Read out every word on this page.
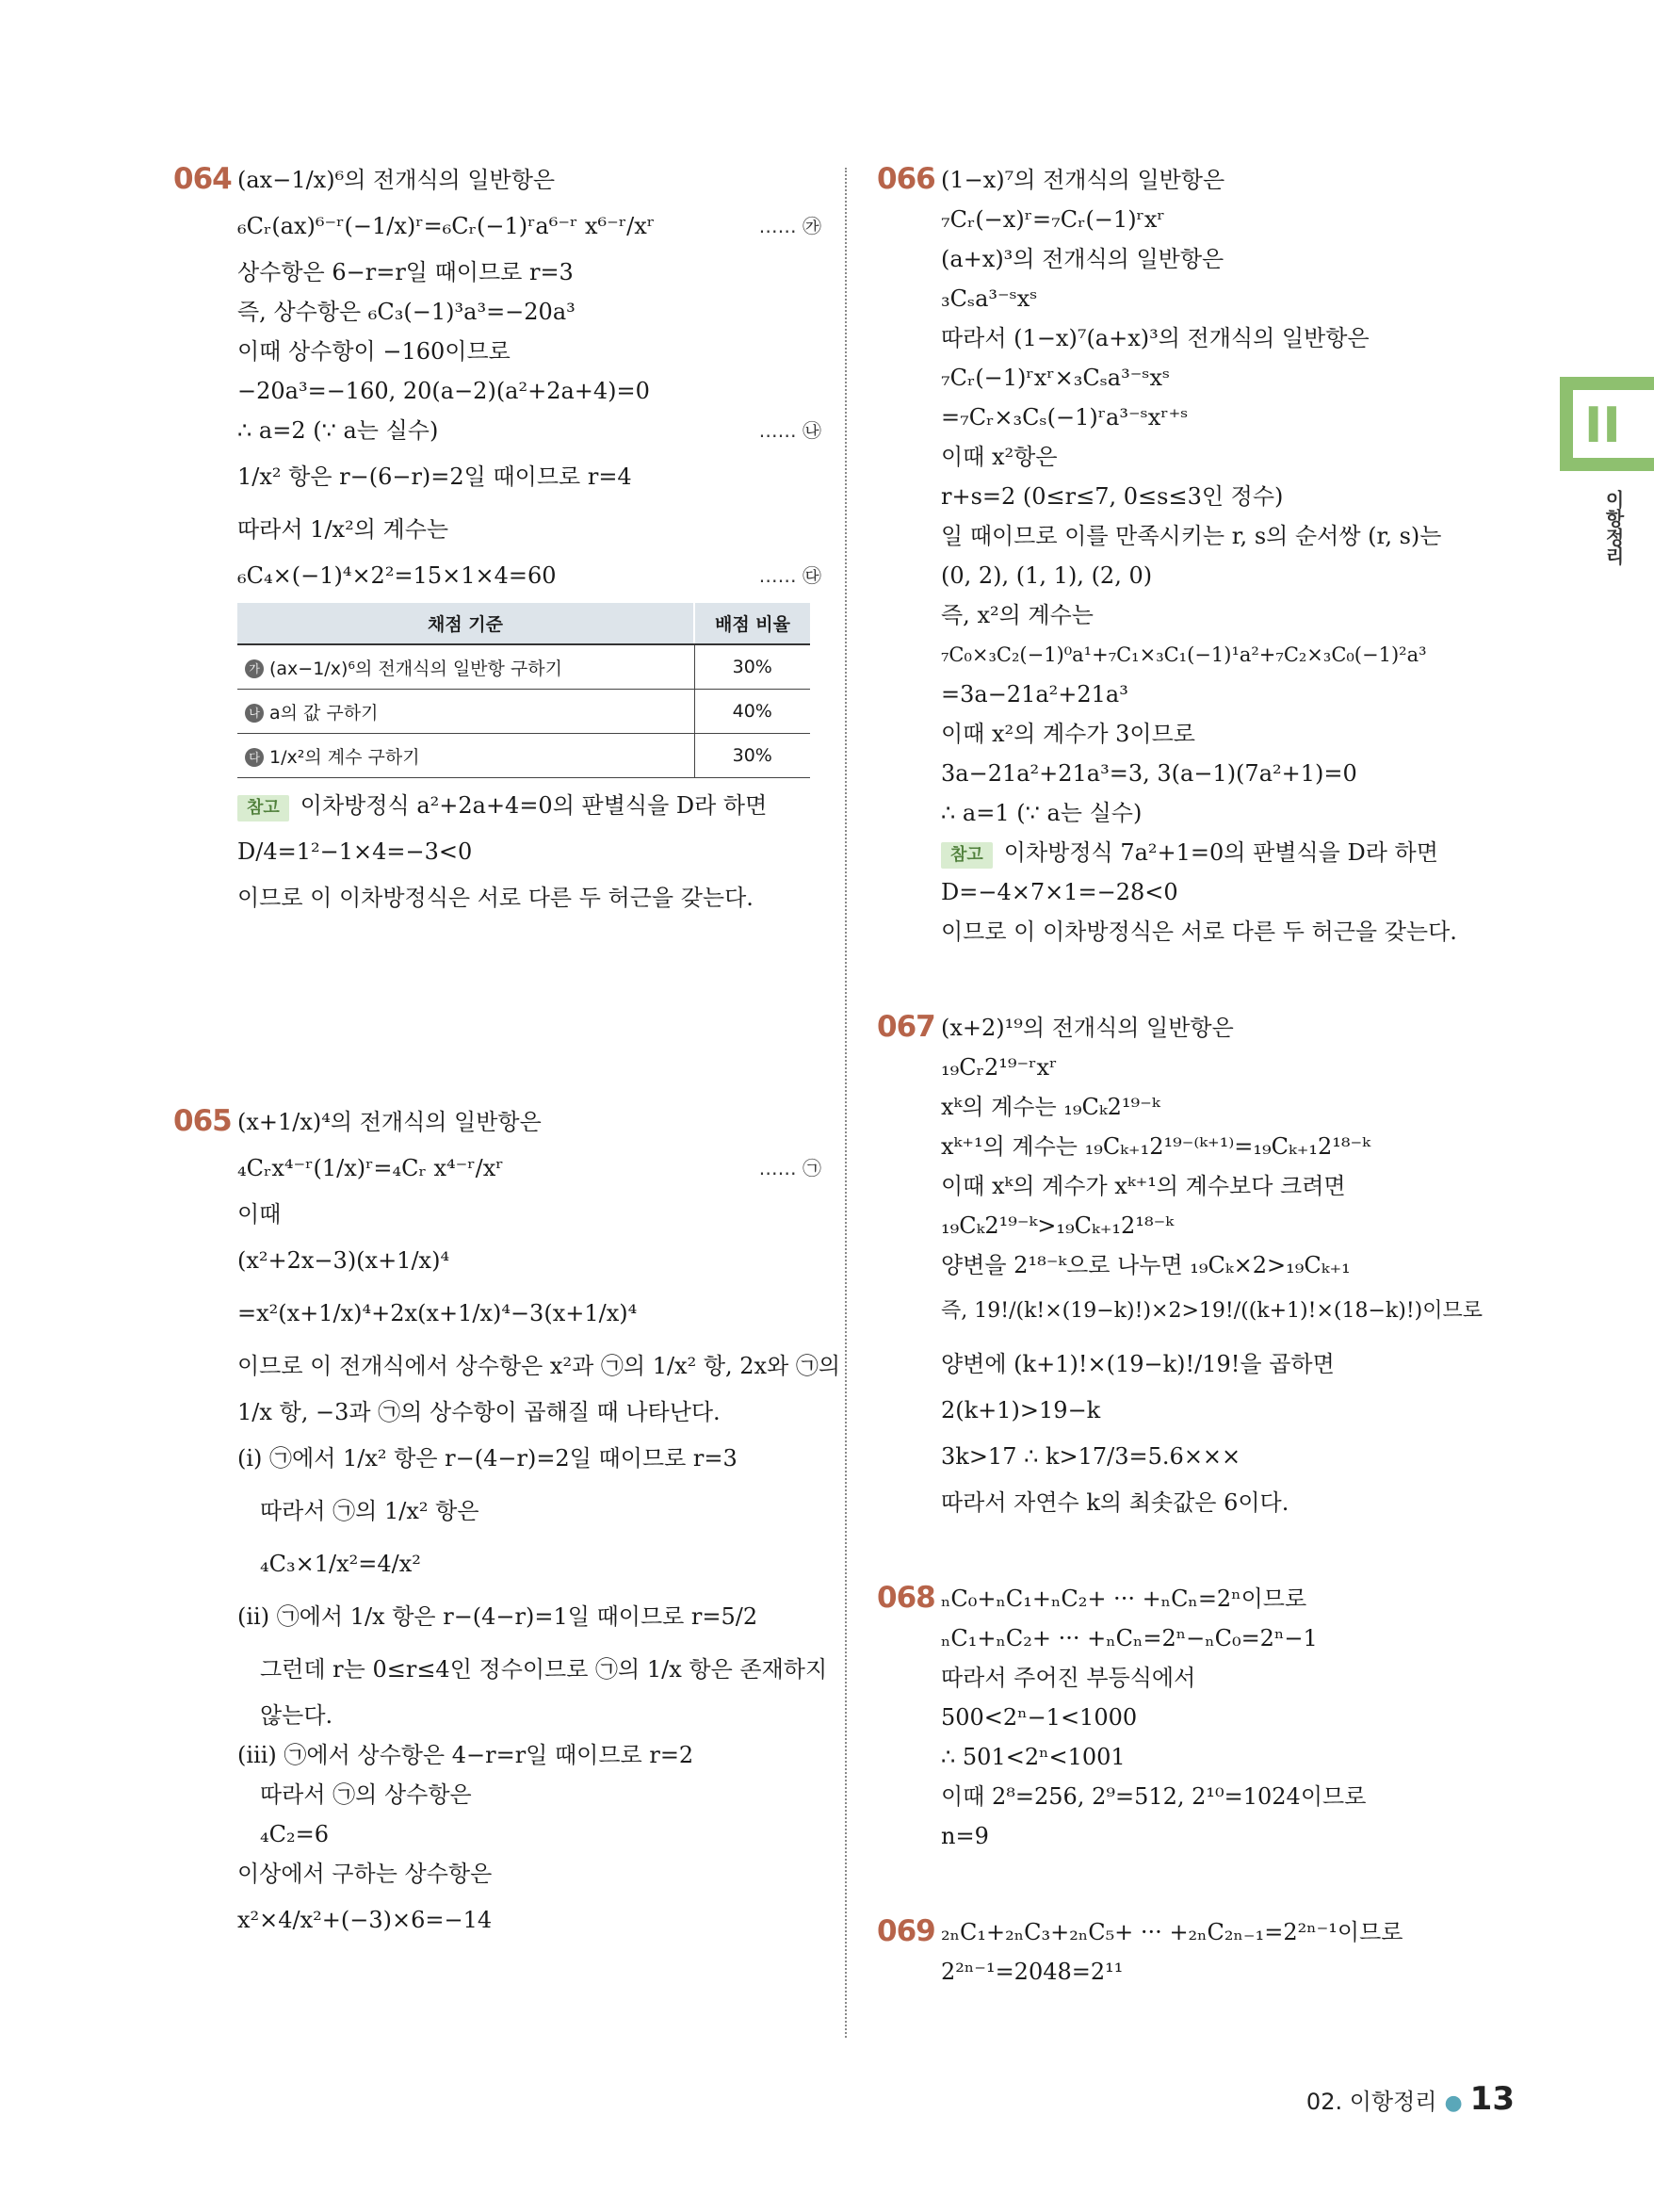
064 (ax−1/x)⁶의 전개식의 일반항은
₆Cᵣ(ax)⁶⁻ʳ(−1/x)ʳ=₆Cᵣ(−1)ʳa⁶⁻ʳ x⁶⁻ʳ/xʳ	…… ㉮
상수항은 6−r=r일 때이므로 r=3
즉, 상수항은 ₆C₃(−1)³a³=−20a³
이때 상수항이 −160이므로
−20a³=−160, 20(a−2)(a²+2a+4)=0
∴ a=2 (∵ a는 실수)	…… ㉯
1/x² 항은 r−(6−r)=2일 때이므로 r=4
따라서 1/x²의 계수는
₆C₄×(−1)⁴×2²=15×1×4=60	…… ㉰
채점 기준	배점 비율
가 (ax−1/x)⁶의 전개식의 일반항 구하기	30%
나 a의 값 구하기	40%
다 1/x²의 계수 구하기	30%
참고 이차방정식 a²+2a+4=0의 판별식을 D라 하면
D/4=1²−1×4=−3<0
이므로 이 이차방정식은 서로 다른 두 허근을 갖는다.
065 (x+1/x)⁴의 전개식의 일반항은
₄Cᵣx⁴⁻ʳ(1/x)ʳ=₄Cᵣ x⁴⁻ʳ/xʳ	…… ㉠
이때
(x²+2x−3)(x+1/x)⁴
=x²(x+1/x)⁴+2x(x+1/x)⁴−3(x+1/x)⁴
이므로 이 전개식에서 상수항은 x²과 ㉠의 1/x² 항, 2x와 ㉠의
1/x 항, −3과 ㉠의 상수항이 곱해질 때 나타난다.
(i) ㉠에서 1/x² 항은 r−(4−r)=2일 때이므로 r=3
따라서 ㉠의 1/x² 항은
₄C₃×1/x²=4/x²
(ii) ㉠에서 1/x 항은 r−(4−r)=1일 때이므로 r=5/2
그런데 r는 0≤r≤4인 정수이므로 ㉠의 1/x 항은 존재하지
않는다.
(iii) ㉠에서 상수항은 4−r=r일 때이므로 r=2
따라서 ㉠의 상수항은
₄C₂=6
이상에서 구하는 상수항은
x²×4/x²+(−3)×6=−14
066 (1−x)⁷의 전개식의 일반항은
₇Cᵣ(−x)ʳ=₇Cᵣ(−1)ʳxʳ
(a+x)³의 전개식의 일반항은
₃Cₛa³⁻ˢxˢ
따라서 (1−x)⁷(a+x)³의 전개식의 일반항은
₇Cᵣ(−1)ʳxʳ×₃Cₛa³⁻ˢxˢ
=₇Cᵣ×₃Cₛ(−1)ʳa³⁻ˢxʳ⁺ˢ
이때 x²항은
r+s=2 (0≤r≤7, 0≤s≤3인 정수)
일 때이므로 이를 만족시키는 r, s의 순서쌍 (r, s)는
(0, 2), (1, 1), (2, 0)
즉, x²의 계수는
₇C₀×₃C₂(−1)⁰a¹+₇C₁×₃C₁(−1)¹a²+₇C₂×₃C₀(−1)²a³
=3a−21a²+21a³
이때 x²의 계수가 3이므로
3a−21a²+21a³=3, 3(a−1)(7a²+1)=0
∴ a=1 (∵ a는 실수)
참고 이차방정식 7a²+1=0의 판별식을 D라 하면
D=−4×7×1=−28<0
이므로 이 이차방정식은 서로 다른 두 허근을 갖는다.
067 (x+2)¹⁹의 전개식의 일반항은
₁₉Cᵣ2¹⁹⁻ʳxʳ
xᵏ의 계수는 ₁₉Cₖ2¹⁹⁻ᵏ
xᵏ⁺¹의 계수는 ₁₉Cₖ₊₁2¹⁹⁻⁽ᵏ⁺¹⁾=₁₉Cₖ₊₁2¹⁸⁻ᵏ
이때 xᵏ의 계수가 xᵏ⁺¹의 계수보다 크려면
₁₉Cₖ2¹⁹⁻ᵏ>₁₉Cₖ₊₁2¹⁸⁻ᵏ
양변을 2¹⁸⁻ᵏ으로 나누면 ₁₉Cₖ×2>₁₉Cₖ₊₁
즉, 19!/(k!×(19−k)!)×2>19!/((k+1)!×(18−k)!)이므로
양변에 (k+1)!×(19−k)!/19!을 곱하면
2(k+1)>19−k
3k>17 ∴ k>17/3=5.6×××
따라서 자연수 k의 최솟값은 6이다.
068 ₙC₀+ₙC₁+ₙC₂+ ··· +ₙCₙ=2ⁿ이므로
ₙC₁+ₙC₂+ ··· +ₙCₙ=2ⁿ−ₙC₀=2ⁿ−1
따라서 주어진 부등식에서
500<2ⁿ−1<1000
∴ 501<2ⁿ<1001
이때 2⁸=256, 2⁹=512, 2¹⁰=1024이므로
n=9
069 ₂ₙC₁+₂ₙC₃+₂ₙC₅+ ··· +₂ₙC₂ₙ₋₁=2²ⁿ⁻¹이므로
2²ⁿ⁻¹=2048=2¹¹
II
이항정리
02. 이항정리 ● 13
